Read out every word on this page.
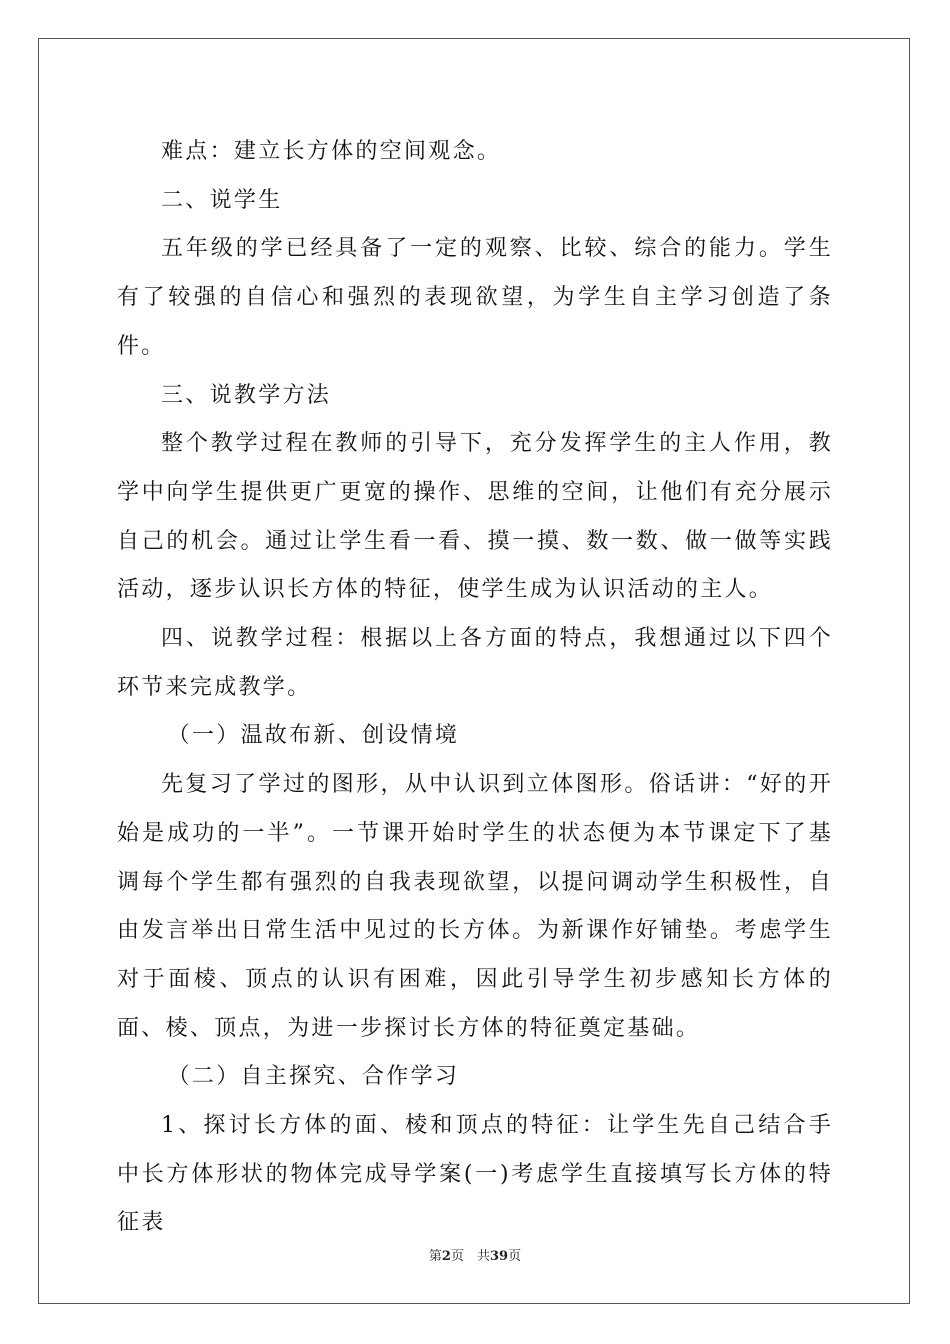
难点：建立长方体的空间观念。

二、说学生

五年级的学已经具备了一定的观察、比较、综合的能力。学生有了较强的自信心和强烈的表现欲望，为学生自主学习创造了条件。

三、说教学方法

整个教学过程在教师的引导下，充分发挥学生的主人作用，教学中向学生提供更广更宽的操作、思维的空间，让他们有充分展示自己的机会。通过让学生看一看、摸一摸、数一数、做一做等实践活动，逐步认识长方体的特征，使学生成为认识活动的主人。

四、说教学过程：根据以上各方面的特点，我想通过以下四个环节来完成教学。

（一）温故布新、创设情境

先复习了学过的图形，从中认识到立体图形。俗话讲：“好的开始是成功的一半”。一节课开始时学生的状态便为本节课定下了基调每个学生都有强烈的自我表现欲望，以提问调动学生积极性，自由发言举出日常生活中见过的长方体。为新课作好铺垫。考虑学生对于面棱、顶点的认识有困难，因此引导学生初步感知长方体的面、棱、顶点，为进一步探讨长方体的特征奠定基础。

（二）自主探究、合作学习

1、探讨长方体的面、棱和顶点的特征：让学生先自己结合手中长方体形状的物体完成导学案(一)考虑学生直接填写长方体的特征表

第2页　共39页
